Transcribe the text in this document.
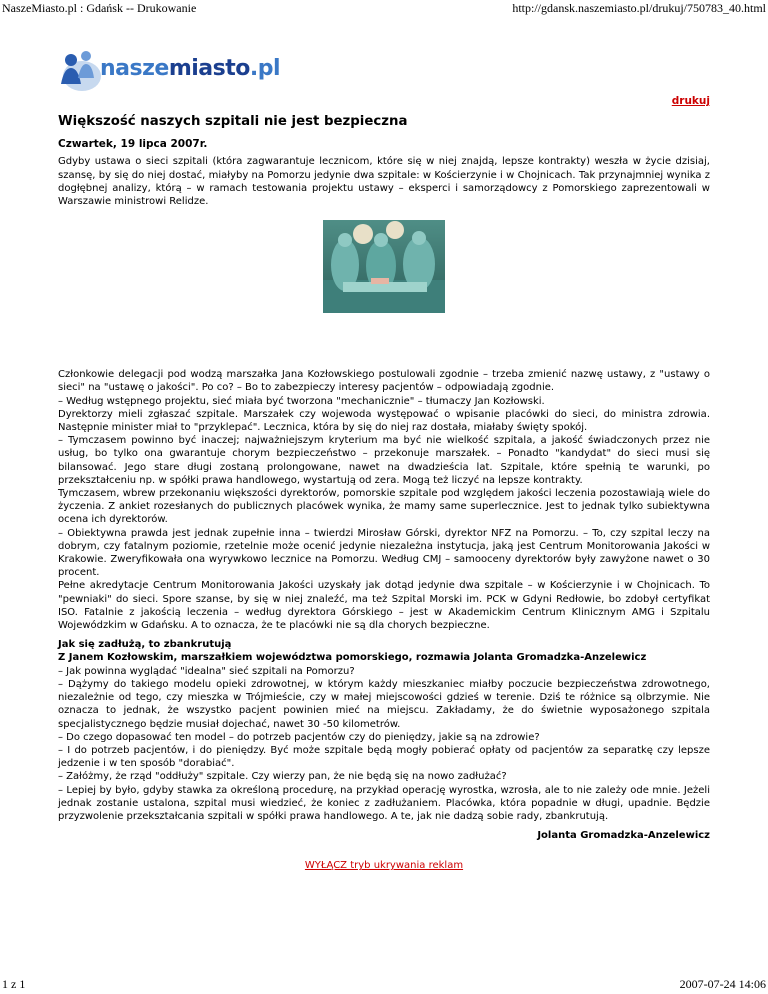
NaszeMiasto.pl : Gdańsk -- Drukowanie	http://gdansk.naszemiasto.pl/drukuj/750783_40.html
naszemiasto.pl
drukuj
Większość naszych szpitali nie jest bezpieczna
Czwartek, 19 lipca 2007r.

Gdyby ustawa o sieci szpitali (która zagwarantuje lecznicom, które się w niej znajdą, lepsze kontrakty) weszła w życie dzisiaj, szansę, by się do niej dostać, miałyby na Pomorzu jedynie dwa szpitale: w Kościerzynie i w Chojnicach. Tak przynajmniej wynika z dogłębnej analizy, którą – w ramach testowania projektu ustawy – eksperci i samorządowcy z Pomorskiego zaprezentowali w Warszawie ministrowi Relidze.

Członkowie delegacji pod wodzą marszałka Jana Kozłowskiego postulowali zgodnie – trzeba zmienić nazwę ustawy, z "ustawy o sieci" na "ustawę o jakości". Po co? – Bo to zabezpieczy interesy pacjentów – odpowiadają zgodnie.

– Według wstępnego projektu, sieć miała być tworzona "mechanicznie" – tłumaczy Jan Kozłowski.

Dyrektorzy mieli zgłaszać szpitale. Marszałek czy wojewoda występować o wpisanie placówki do sieci, do ministra zdrowia. Następnie minister miał to "przyklepać". Lecznica, która by się do niej raz dostała, miałaby święty spokój.

– Tymczasem powinno być inaczej; najważniejszym kryterium ma być nie wielkość szpitala, a jakość świadczonych przez nie usług, bo tylko ona gwarantuje chorym bezpieczeństwo – przekonuje marszałek. – Ponadto "kandydat" do sieci musi się bilansować. Jego stare długi zostaną prolongowane, nawet na dwadzieścia lat. Szpitale, które spełnią te warunki, po przekształceniu np. w spółki prawa handlowego, wystartują od zera. Mogą też liczyć na lepsze kontrakty.

Tymczasem, wbrew przekonaniu większości dyrektorów, pomorskie szpitale pod względem jakości leczenia pozostawiają wiele do życzenia. Z ankiet rozesłanych do publicznych placówek wynika, że mamy same superlecznice. Jest to jednak tylko subiektywna ocena ich dyrektorów.

– Obiektywna prawda jest jednak zupełnie inna – twierdzi Mirosław Górski, dyrektor NFZ na Pomorzu. – To, czy szpital leczy na dobrym, czy fatalnym poziomie, rzetelnie może ocenić jedynie niezależna instytucja, jaką jest Centrum Monitorowania Jakości w Krakowie. Zweryfikowała ona wyrywkowo lecznice na Pomorzu. Według CMJ – samooceny dyrektorów były zawyżone nawet o 30 procent.

Pełne akredytacje Centrum Monitorowania Jakości uzyskały jak dotąd jedynie dwa szpitale – w Kościerzynie i w Chojnicach. To "pewniaki" do sieci. Spore szanse, by się w niej znaleźć, ma też Szpital Morski im. PCK w Gdyni Redłowie, bo zdobył certyfikat ISO. Fatalnie z jakością leczenia – według dyrektora Górskiego – jest w Akademickim Centrum Klinicznym AMG i Szpitalu Wojewódzkim w Gdańsku. A to oznacza, że te placówki nie są dla chorych bezpieczne.

Jak się zadłużą, to zbankrutują
Z Janem Kozłowskim, marszałkiem województwa pomorskiego, rozmawia Jolanta Gromadzka-Anzelewicz

– Jak powinna wyglądać "idealna" sieć szpitali na Pomorzu?

– Dążymy do takiego modelu opieki zdrowotnej, w którym każdy mieszkaniec miałby poczucie bezpieczeństwa zdrowotnego, niezależnie od tego, czy mieszka w Trójmieście, czy w małej miejscowości gdzieś w terenie. Dziś te różnice są olbrzymie. Nie oznacza to jednak, że wszystko pacjent powinien mieć na miejscu. Zakładamy, że do świetnie wyposażonego szpitala specjalistycznego będzie musiał dojechać, nawet 30 -50 kilometrów.

– Do czego dopasować ten model – do potrzeb pacjentów czy do pieniędzy, jakie są na zdrowie?

– I do potrzeb pacjentów, i do pieniędzy. Być może szpitale będą mogły pobierać opłaty od pacjentów za separatkę czy lepsze jedzenie i w ten sposób "dorabiać".

– Załóżmy, że rząd "oddłuży" szpitale. Czy wierzy pan, że nie będą się na nowo zadłużać?

– Lepiej by było, gdyby stawka za określoną procedurę, na przykład operację wyrostka, wzrosła, ale to nie zależy ode mnie. Jeżeli jednak zostanie ustalona, szpital musi wiedzieć, że koniec z zadłużaniem. Placówka, która popadnie w długi, upadnie. Będzie przyzwolenie przekształcania szpitali w spółki prawa handlowego. A te, jak nie dadzą sobie rady, zbankrutują.

Jolanta Gromadzka-Anzelewicz
WYŁĄCZ tryb ukrywania reklam
1 z 1	2007-07-24 14:06
